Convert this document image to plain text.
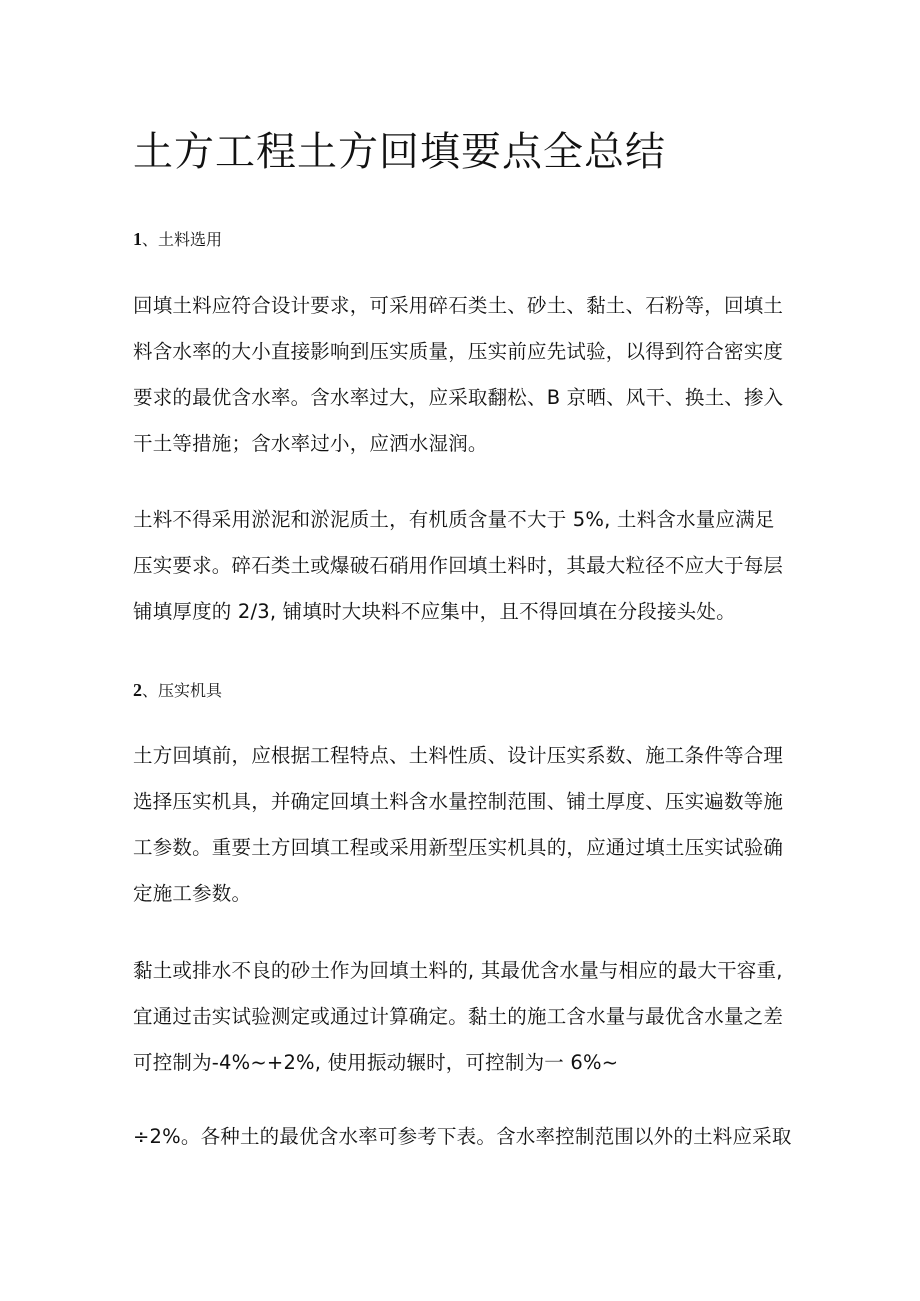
土方工程土方回填要点全总结
1、土料选用
回填土料应符合设计要求，可采用碎石类土、砂土、黏土、石粉等，回填土
料含水率的大小直接影响到压实质量，压实前应先试验，以得到符合密实度
要求的最优含水率。含水率过大，应采取翻松、B 京晒、风干、换土、掺入
干土等措施；含水率过小，应洒水湿润。
土料不得采用淤泥和淤泥质土，有机质含量不大于 5%, 土料含水量应满足
压实要求。碎石类土或爆破石硝用作回填土料时，其最大粒径不应大于每层
铺填厚度的 2/3, 铺填时大块料不应集中，且不得回填在分段接头处。
2、压实机具
土方回填前，应根据工程特点、土料性质、设计压实系数、施工条件等合理
选择压实机具，并确定回填土料含水量控制范围、铺土厚度、压实遍数等施
工参数。重要土方回填工程或采用新型压实机具的，应通过填土压实试验确
定施工参数。
黏土或排水不良的砂土作为回填土料的, 其最优含水量与相应的最大干容重,
宜通过击实试验测定或通过计算确定。黏土的施工含水量与最优含水量之差
可控制为-4%~+2%, 使用振动辗时，可控制为一 6%~
÷2%。各种土的最优含水率可参考下表。含水率控制范围以外的土料应采取
